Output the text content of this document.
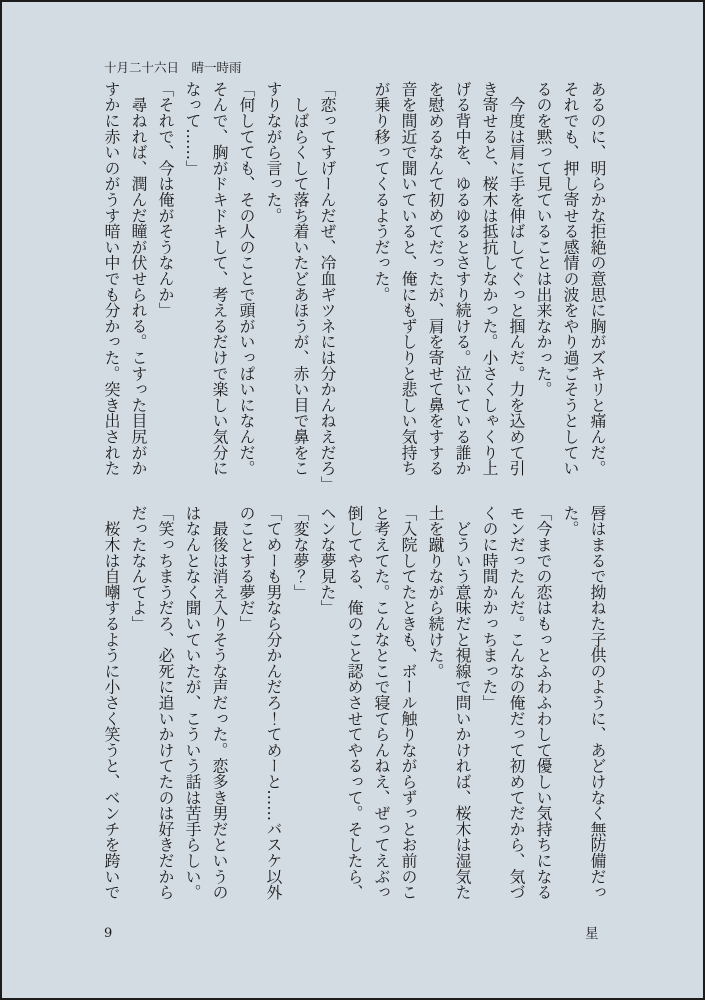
十月二十六日　晴一時雨
あるのに、明らかな拒絶の意思に胸がズキリと痛んだ。
それでも、押し寄せる感情の波をやり過ごそうとしてい
るのを黙って見ていることは出来なかった。
　今度は肩に手を伸ばしてぐっと掴んだ。力を込めて引
き寄せると、桜木は抵抗しなかった。小さくしゃくり上
げる背中を、ゆるゆるとさすり続ける。泣いている誰か
を慰めるなんて初めてだったが、肩を寄せて鼻をすする
音を間近で聞いていると、俺にもずしりと悲しい気持ち
が乗り移ってくるようだった。
「恋ってすげーんだぜ、冷血ギツネには分かんねえだろ」
　しばらくして落ち着いたどあほうが、赤い目で鼻をこ
すりながら言った。
「何してても、その人のことで頭がいっぱいになんだ。
そんで、胸がドキドキして、考えるだけで楽しい気分に
なって……」
「それで、今は俺がそうなんか」
　尋ねれば、潤んだ瞳が伏せられる。こすった目尻がか
すかに赤いのがうす暗い中でも分かった。突き出された
唇はまるで拗ねた子供のように、あどけなく無防備だっ
た。
「今までの恋はもっとふわふわして優しい気持ちになる
モンだったんだ。こんなの俺だって初めてだから、気づ
くのに時間かかっちまった」
　どういう意味だと視線で問いかければ、桜木は湿気た
土を蹴りながら続けた。
「入院してたときも、ボール触りながらずっとお前のこ
と考えてた。こんなとこで寝てらんねえ、ぜってえぶっ
倒してやる、俺のこと認めさせてやるって。そしたら、
ヘンな夢見た」
「変な夢？」
「てめーも男なら分かんだろ！てめーと……バスケ以外
のことする夢だ」
　最後は消え入りそうな声だった。恋多き男だというの
はなんとなく聞いていたが、こういう話は苦手らしい。
「笑っちまうだろ、必死に追いかけてたのは好きだから
だったなんてよ」
　桜木は自嘲するように小さく笑うと、ベンチを跨いで
9	星
